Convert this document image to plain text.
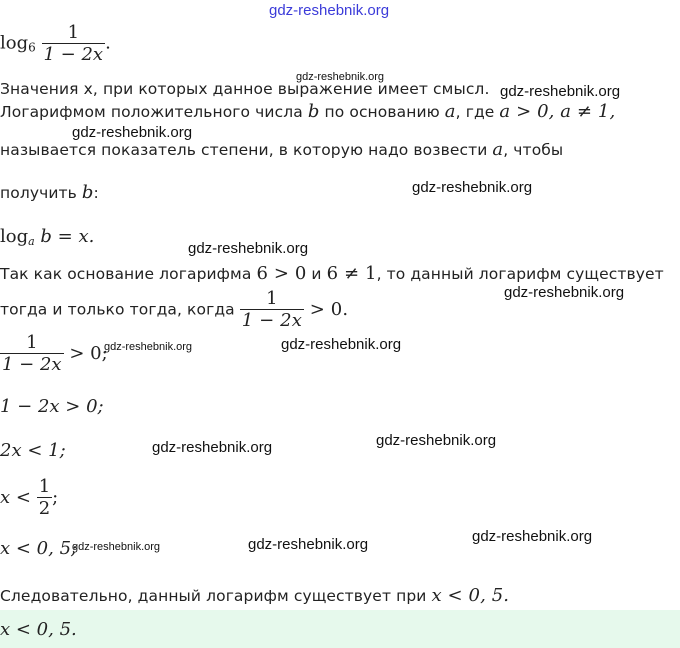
gdz-reshebnik.org
$\log_6 \frac{1}{1 - 2x}$ .
Значения x, при которых данное выражение имеет смысл.
Логарифмом положительного числа b по основанию a, где a > 0, a ≠ 1,
называется показатель степени, в которую надо возвести a, чтобы
получить b:
$\log_a b = x$.
Так как основание логарифма 6 > 0 и 6 ≠ 1, то данный логарифм существует
тогда и только тогда, когда $\frac{1}{1 - 2x} > 0$.
$\frac{1}{1 - 2x} > 0$;
1 − 2x > 0;
2x < 1;
$x < \frac{1}{2}$ ;
x < 0, 5;
Следовательно, данный логарифм существует при x < 0, 5.
x < 0, 5.
gdz-reshebnik.org
gdz-reshebnik.org
gdz-reshebnik.org
gdz-reshebnik.org
gdz-reshebnik.org
gdz-reshebnik.org
gdz-reshebnik.org	gdz-reshebnik.org
gdz-reshebnik.org
gdz-reshebnik.org
gdz-reshebnik.org
gdz-reshebnik.org	gdz-reshebnik.org
